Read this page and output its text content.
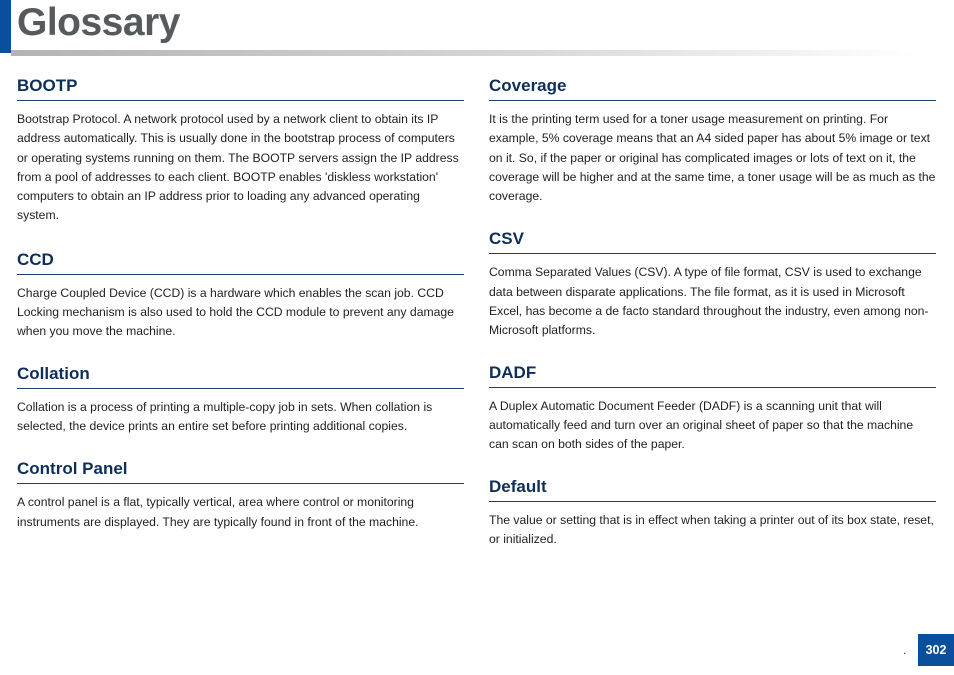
Glossary
BOOTP

Bootstrap Protocol. A network protocol used by a network client to obtain its IP address automatically. This is usually done in the bootstrap process of computers or operating systems running on them. The BOOTP servers assign the IP address from a pool of addresses to each client. BOOTP enables 'diskless workstation' computers to obtain an IP address prior to loading any advanced operating system.

CCD

Charge Coupled Device (CCD) is a hardware which enables the scan job. CCD Locking mechanism is also used to hold the CCD module to prevent any damage when you move the machine.

Collation

Collation is a process of printing a multiple-copy job in sets. When collation is selected, the device prints an entire set before printing additional copies.

Control Panel

A control panel is a flat, typically vertical, area where control or monitoring instruments are displayed. They are typically found in front of the machine.

Coverage

It is the printing term used for a toner usage measurement on printing. For example, 5% coverage means that an A4 sided paper has about 5% image or text on it. So, if the paper or original has complicated images or lots of text on it, the coverage will be higher and at the same time, a toner usage will be as much as the coverage.

CSV

Comma Separated Values (CSV). A type of file format, CSV is used to exchange data between disparate applications. The file format, as it is used in Microsoft Excel, has become a de facto standard throughout the industry, even among non-Microsoft platforms.

DADF

A Duplex Automatic Document Feeder (DADF) is a scanning unit that will automatically feed and turn over an original sheet of paper so that the machine can scan on both sides of the paper.

Default

The value or setting that is in effect when taking a printer out of its box state, reset, or initialized.

.	302
